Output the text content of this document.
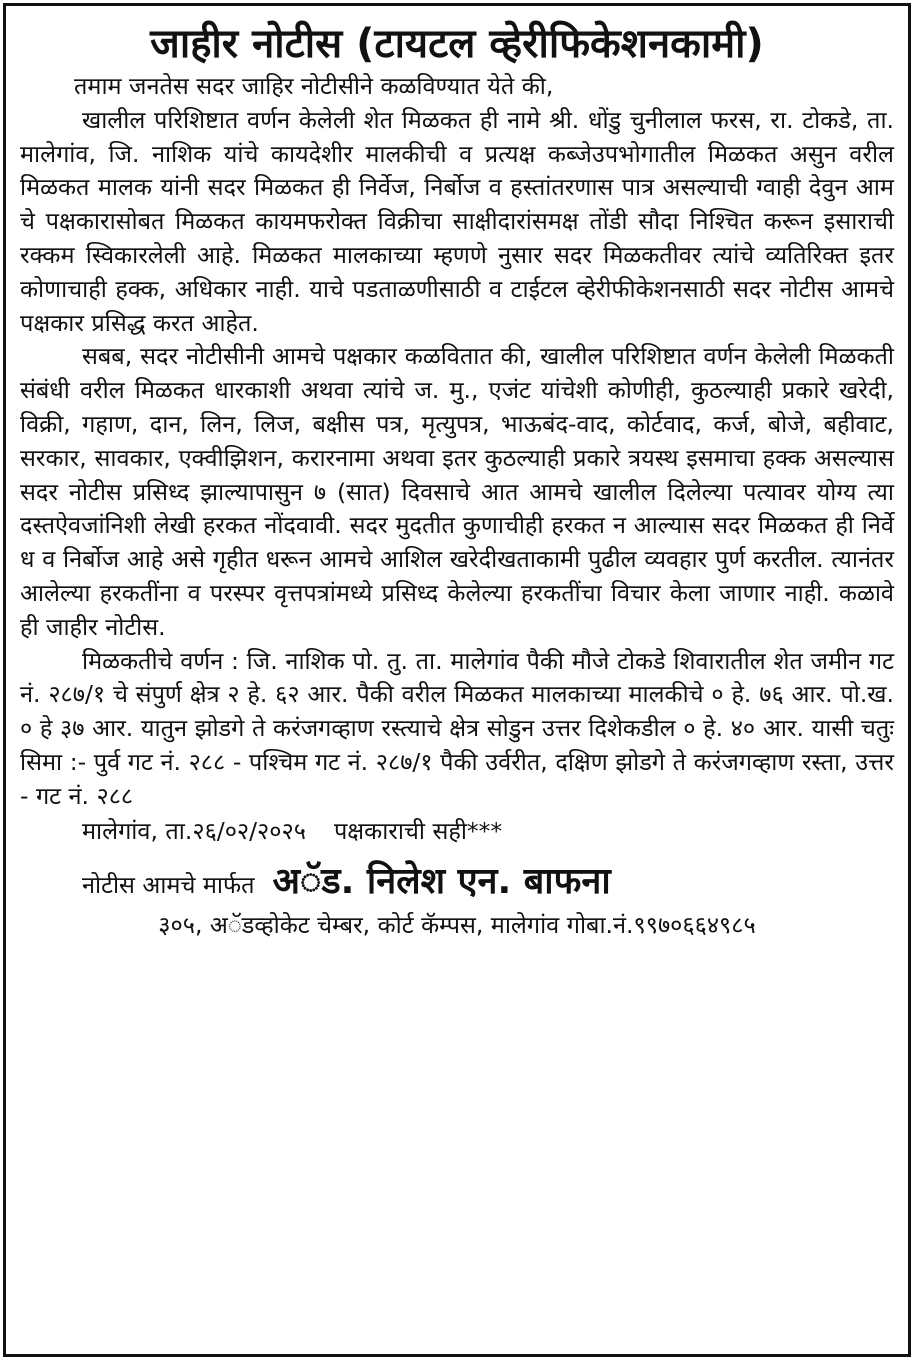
जाहीर नोटीस (टायटल व्हेरीफिकेशनकामी)

तमाम जनतेस सदर जाहिर नोटीसीने कळविण्यात येते की,

खालील परिशिष्टात वर्णन केलेली शेत मिळकत ही नामे श्री. धोंडु चुनीलाल फरस, रा. टोकडे, ता. मालेगांव, जि. नाशिक यांचे कायदेशीर मालकीची व प्रत्यक्ष कब्जेउपभोगातील मिळकत असुन वरील मिळकत मालक यांनी सदर मिळकत ही निर्वेज, निर्बोज व हस्तांतरणास पात्र असल्याची ग्वाही देवुन आम चे पक्षकारासोबत मिळकत कायमफरोक्त विक्रीचा साक्षीदारांसमक्ष तोंडी सौदा निश्चित करून इसाराची रक्कम स्विकारलेली आहे. मिळकत मालकाच्या म्हणणे नुसार सदर मिळकतीवर त्यांचे व्यतिरिक्त इतर कोणाचाही हक्क, अधिकार नाही. याचे पडताळणीसाठी व टाईटल व्हेरीफीकेशनसाठी सदर नोटीस आमचे पक्षकार प्रसिद्ध करत आहेत.

सबब, सदर नोटीसीनी आमचे पक्षकार कळवितात की, खालील परिशिष्टात वर्णन केलेली मिळकती संबंधी वरील मिळकत धारकाशी अथवा त्यांचे ज. मु., एजंट यांचेशी कोणीही, कुठल्याही प्रकारे खरेदी, विक्री, गहाण, दान, लिन, लिज, बक्षीस पत्र, मृत्युपत्र, भाऊबंद-वाद, कोर्टवाद, कर्ज, बोजे, बहीवाट, सरकार, सावकार, एक्वीझिशन, करारनामा अथवा इतर कुठल्याही प्रकारे त्रयस्थ इसमाचा हक्क असल्यास सदर नोटीस प्रसिध्द झाल्यापासुन ७ (सात) दिवसाचे आत आमचे खालील दिलेल्या पत्यावर योग्य त्या दस्तऐवजांनिशी लेखी हरकत नोंदवावी. सदर मुदतीत कुणाचीही हरकत न आल्यास सदर मिळकत ही निर्वे ध व निर्बोज आहे असे गृहीत धरून आमचे आशिल खरेदीखताकामी पुढील व्यवहार पुर्ण करतील. त्यानंतर आलेल्या हरकतींना व परस्पर वृत्तपत्रांमध्ये प्रसिध्द केलेल्या हरकतींचा विचार केला जाणार नाही. कळावे ही जाहीर नोटीस.

मिळकतीचे वर्णन : जि. नाशिक पो. तु. ता. मालेगांव पैकी मौजे टोकडे शिवारातील शेत जमीन गट नं. २८७/१ चे संपुर्ण क्षेत्र २ हे. ६२ आर. पैकी वरील मिळकत मालकाच्या मालकीचे ० हे. ७६ आर. पो.ख. ० हे ३७ आर. यातुन झोडगे ते करंजगव्हाण रस्त्याचे क्षेत्र सोडुन उत्तर दिशेकडील ० हे. ४० आर. यासी चतुः सिमा :- पुर्व गट नं. २८८ - पश्चिम गट नं. २८७/१ पैकी उर्वरीत, दक्षिण झोडगे ते करंजगव्हाण रस्ता, उत्तर - गट नं. २८८

मालेगांव, ता.२६/०२/२०२५ पक्षकाराची सही***
नोटीस आमचे मार्फत अॅड. निलेश एन. बाफना
३०५, अॅडव्होकेट चेम्बर, कोर्ट कॅम्पस, मालेगांव गोबा.नं.९९७०६६४९८५
